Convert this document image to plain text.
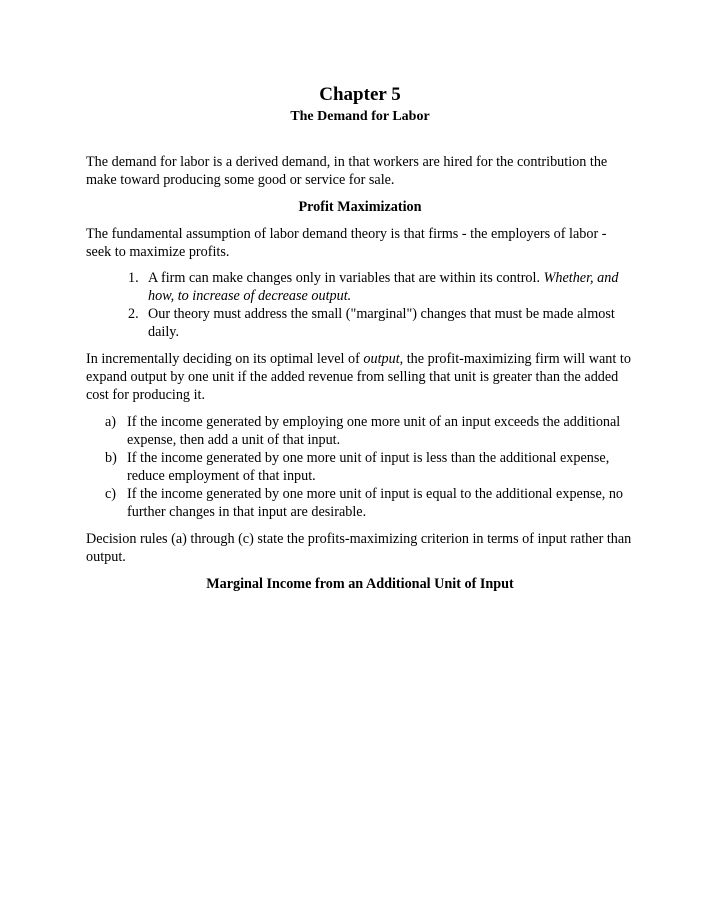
Chapter 5
The Demand for Labor

The demand for labor is a derived demand, in that workers are hired for the contribution the make toward producing some good or service for sale.

Profit Maximization

The fundamental assumption of labor demand theory is that firms - the employers of labor - seek to maximize profits.

1. A firm can make changes only in variables that are within its control. Whether, and how, to increase of decrease output.
2. Our theory must address the small ("marginal") changes that must be made almost daily.

In incrementally deciding on its optimal level of output, the profit-maximizing firm will want to expand output by one unit if the added revenue from selling that unit is greater than the added cost for producing it.

a) If the income generated by employing one more unit of an input exceeds the additional expense, then add a unit of that input.
b) If the income generated by one more unit of input is less than the additional expense, reduce employment of that input.
c) If the income generated by one more unit of input is equal to the additional expense, no further changes in that input are desirable.

Decision rules (a) through (c) state the profits-maximizing criterion in terms of input rather than output.

Marginal Income from an Additional Unit of Input
